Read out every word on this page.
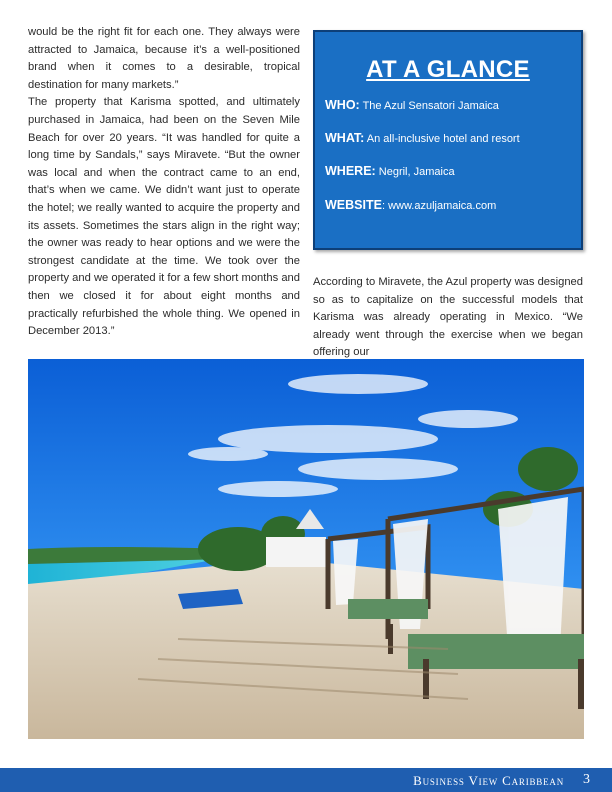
would be the right fit for each one. They always were attracted to Jamaica, because it’s a well-positioned brand when it comes to a desirable, tropical destination for many markets.”

The property that Karisma spotted, and ultimately purchased in Jamaica, had been on the Seven Mile Beach for over 20 years. “It was handled for quite a long time by Sandals,” says Miravete. “But the owner was local and when the contract came to an end, that’s when we came. We didn’t want just to operate the hotel; we really wanted to acquire the property and its assets. Sometimes the stars align in the right way; the owner was ready to hear options and we were the strongest candidate at the time. We took over the property and we operated it for a few short months and then we closed it for about eight months and practically refurbished the whole thing. We opened in December 2013.”

AT A GLANCE
WHO: The Azul Sensatori Jamaica
WHAT: An all-inclusive hotel and resort
WHERE: Negril, Jamaica
WEBSITE: www.azuljamaica.com

According to Miravete, the Azul property was designed so as to capitalize on the successful models that Karisma was already operating in Mexico. “We already went through the exercise when we began offering our

Business View Caribbean 3
